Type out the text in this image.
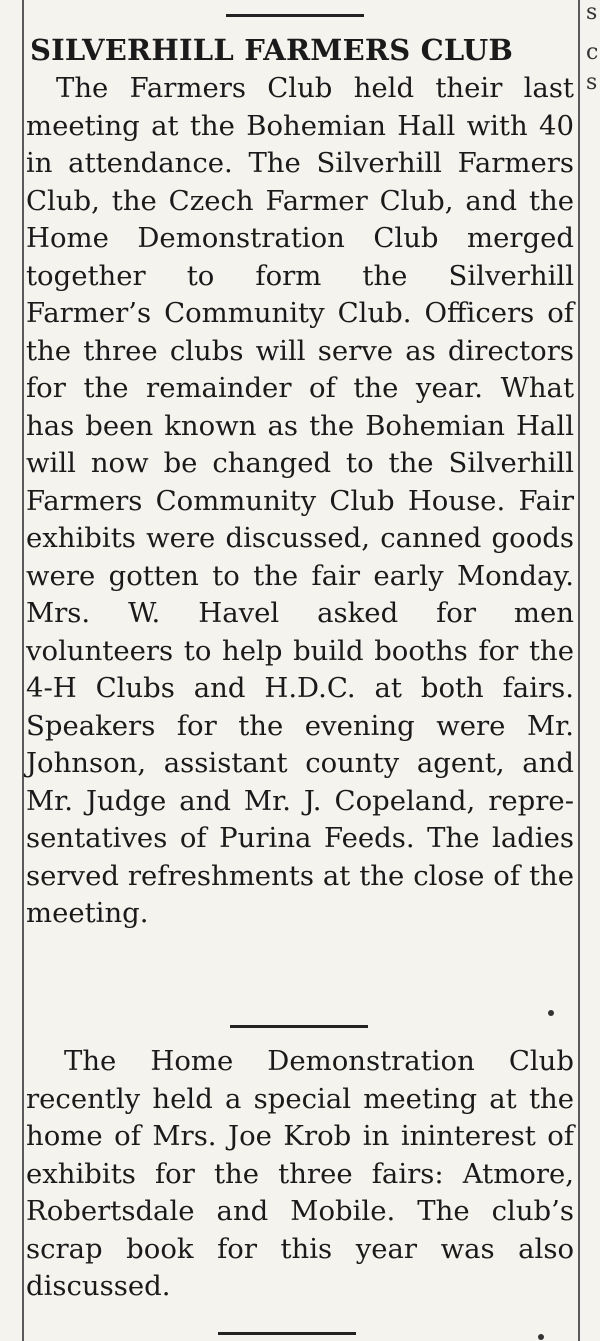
SILVERHILL FARMERS CLUB
The Farmers Club held their last meeting at the Bohemian Hall with 40 in attendance. The Silverhill Farmers Club, the Czech Farmer Club, and the Home Demonstration Club merged together to form the Silverhill Farmer’s Community Club. Officers of the three clubs will serve as directors for the remainder of the year. What has been known as the Bohemian Hall will now be changed to the Silverhill Farmers Community Club House. Fair exhibits were discussed, canned goods were gotten to the fair early Monday. Mrs. W. Havel asked for men volunteers to help build booths for the 4-H Clubs and H.D.C. at both fairs. Speakers for the evening were Mr. Johnson, assistant county agent, and Mr. Judge and Mr. J. Copeland, representatives of Purina Feeds. The ladies served refreshments at the close of the meeting.
The Home Demonstration Club recently held a special meeting at the home of Mrs. Joe Krob in ininterest of exhibits for the three fairs: Atmore, Robertsdale and Mobile. The club’s scrap book for this year was also discussed.
s
c
s
